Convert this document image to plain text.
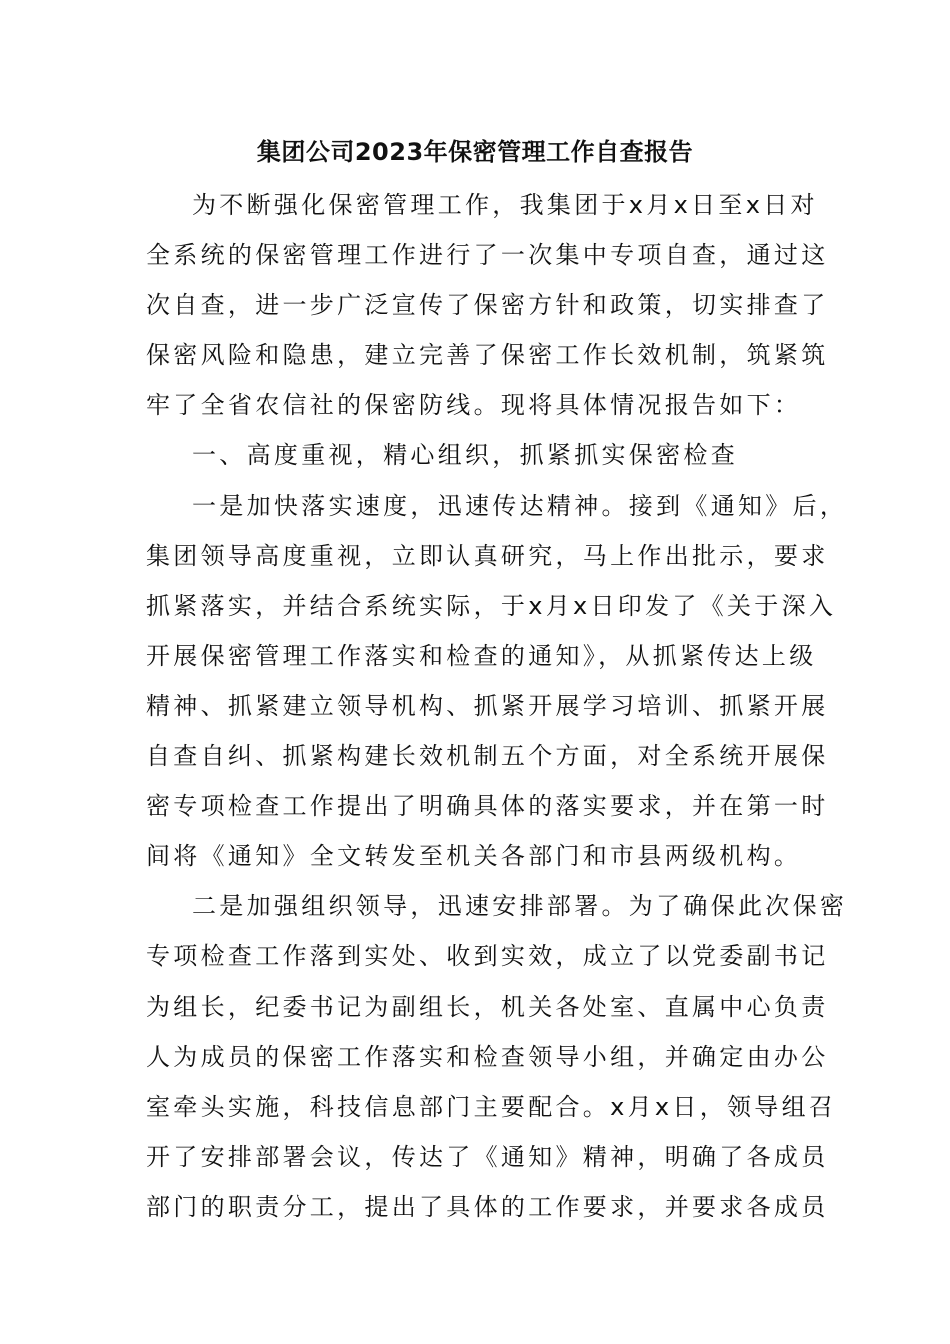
集团公司2023年保密管理工作自查报告
为不断强化保密管理工作，我集团于x月x日至x日对
全系统的保密管理工作进行了一次集中专项自查，通过这
次自查，进一步广泛宣传了保密方针和政策，切实排查了
保密风险和隐患，建立完善了保密工作长效机制，筑紧筑
牢了全省农信社的保密防线。现将具体情况报告如下：
一、高度重视，精心组织，抓紧抓实保密检查
一是加快落实速度，迅速传达精神。接到《通知》后，
集团领导高度重视，立即认真研究，马上作出批示，要求
抓紧落实，并结合系统实际，于x月x日印发了《关于深入
开展保密管理工作落实和检查的通知》，从抓紧传达上级
精神、抓紧建立领导机构、抓紧开展学习培训、抓紧开展
自查自纠、抓紧构建长效机制五个方面，对全系统开展保
密专项检查工作提出了明确具体的落实要求，并在第一时
间将《通知》全文转发至机关各部门和市县两级机构。
二是加强组织领导，迅速安排部署。为了确保此次保密
专项检查工作落到实处、收到实效，成立了以党委副书记
为组长，纪委书记为副组长，机关各处室、直属中心负责
人为成员的保密工作落实和检查领导小组，并确定由办公
室牵头实施，科技信息部门主要配合。x月x日，领导组召
开了安排部署会议，传达了《通知》精神，明确了各成员
部门的职责分工，提出了具体的工作要求，并要求各成员
